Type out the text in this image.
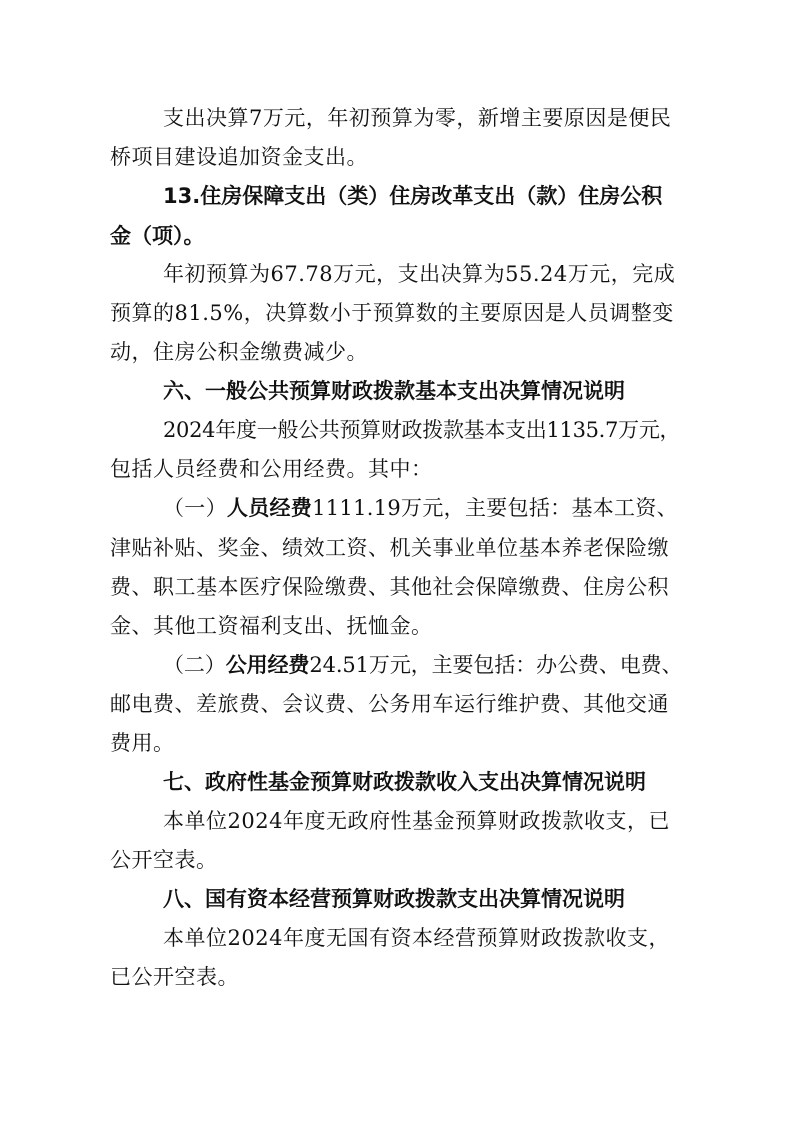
支出决算7万元，年初预算为零，新增主要原因是便民
桥项目建设追加资金支出。
13.住房保障支出（类）住房改革支出（款）住房公积
金（项）。
年初预算为67.78万元，支出决算为55.24万元，完成
预算的81.5%，决算数小于预算数的主要原因是人员调整变
动，住房公积金缴费减少。
六、一般公共预算财政拨款基本支出决算情况说明
2024年度一般公共预算财政拨款基本支出1135.7万元，
包括人员经费和公用经费。其中：
（一）人员经费1111.19万元，主要包括：基本工资、
津贴补贴、奖金、绩效工资、机关事业单位基本养老保险缴
费、职工基本医疗保险缴费、其他社会保障缴费、住房公积
金、其他工资福利支出、抚恤金。
（二）公用经费24.51万元，主要包括：办公费、电费、
邮电费、差旅费、会议费、公务用车运行维护费、其他交通
费用。
七、政府性基金预算财政拨款收入支出决算情况说明
本单位2024年度无政府性基金预算财政拨款收支，已
公开空表。
八、国有资本经营预算财政拨款支出决算情况说明
本单位2024年度无国有资本经营预算财政拨款收支，
已公开空表。
